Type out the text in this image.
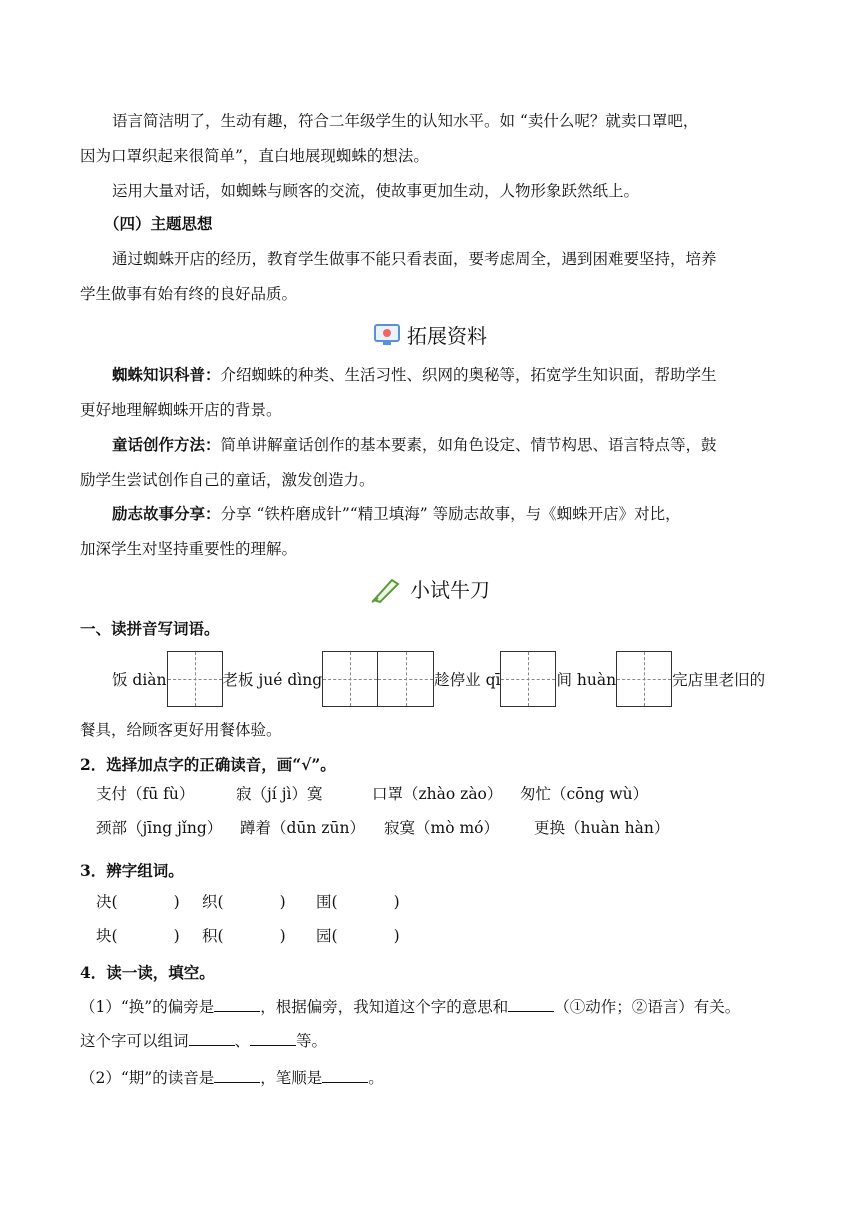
语言简洁明了，生动有趣，符合二年级学生的认知水平。如 “卖什么呢？就卖口罩吧，
因为口罩织起来很简单”，直白地展现蜘蛛的想法。
运用大量对话，如蜘蛛与顾客的交流，使故事更加生动，人物形象跃然纸上。
（四）主题思想
通过蜘蛛开店的经历，教育学生做事不能只看表面，要考虑周全，遇到困难要坚持，培养
学生做事有始有终的良好品质。
拓展资料
蜘蛛知识科普：介绍蜘蛛的种类、生活习性、织网的奥秘等，拓宽学生知识面，帮助学生
更好地理解蜘蛛开店的背景。
童话创作方法：简单讲解童话创作的基本要素，如角色设定、情节构思、语言特点等，鼓
励学生尝试创作自己的童话，激发创造力。
励志故事分享：分享 “铁杵磨成针”“精卫填海” 等励志故事，与《蜘蛛开店》对比，
加深学生对坚持重要性的理解。
小试牛刀
一、读拼音写词语。
饭 diàn	老板 jué dìng	趁停业 qī	间 huàn	完店里老旧的
餐具，给顾客更好用餐体验。
2．选择加点字的正确读音，画“√”。
支付（fū fù）	寂（jí jì）寞	口罩（zhào zào） 匆忙（cōng wù）
颈部（jīng jǐng） 蹲着（dūn zūn） 寂寞（mò mó） 更换（huàn hàn）
3．辨字组词。
决(	) 织(	) 围(	)
块(	) 积(	) 园(	)
4．读一读，填空。
（1）“换”的偏旁是	，根据偏旁，我知道这个字的意思和	（①动作；②语言）有关。
这个字可以组词	、	等。
（2）“期”的读音是	，笔顺是	。
